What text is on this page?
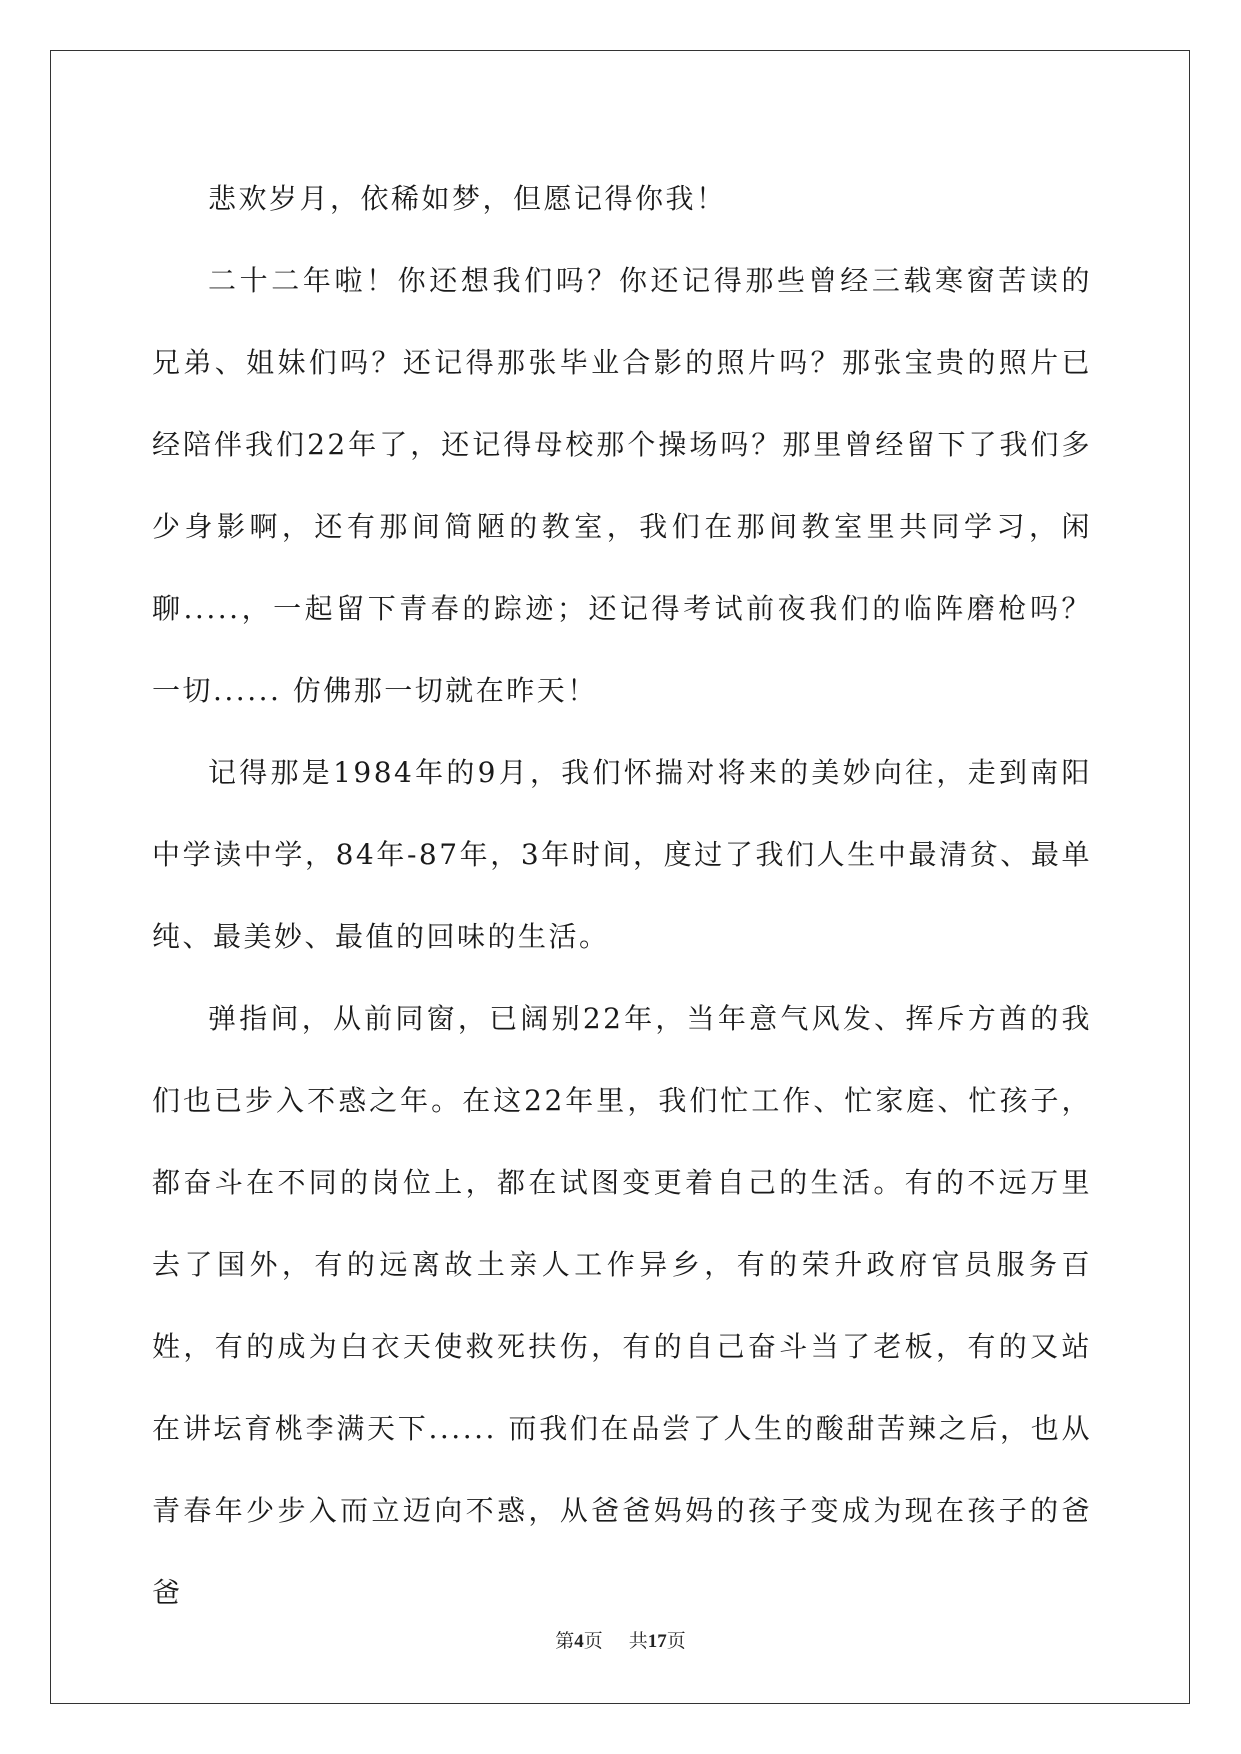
悲欢岁月，依稀如梦，但愿记得你我！

二十二年啦！你还想我们吗？你还记得那些曾经三载寒窗苦读的兄弟、姐妹们吗？还记得那张毕业合影的照片吗？那张宝贵的照片已经陪伴我们22年了，还记得母校那个操场吗？那里曾经留下了我们多少身影啊，还有那间简陋的教室，我们在那间教室里共同学习，闲聊.....，一起留下青春的踪迹；还记得考试前夜我们的临阵磨枪吗？一切...... 仿佛那一切就在昨天！

记得那是1984年的9月，我们怀揣对将来的美妙向往，走到南阳中学读中学，84年-87年，3年时间，度过了我们人生中最清贫、最单纯、最美妙、最值的回味的生活。

弹指间，从前同窗，已阔别22年，当年意气风发、挥斥方酋的我们也已步入不惑之年。在这22年里，我们忙工作、忙家庭、忙孩子，都奋斗在不同的岗位上，都在试图变更着自己的生活。有的不远万里去了国外，有的远离故土亲人工作异乡，有的荣升政府官员服务百姓，有的成为白衣天使救死扶伤，有的自己奋斗当了老板，有的又站在讲坛育桃李满天下...... 而我们在品尝了人生的酸甜苦辣之后，也从青春年少步入而立迈向不惑，从爸爸妈妈的孩子变成为现在孩子的爸爸

第4页 共17页
